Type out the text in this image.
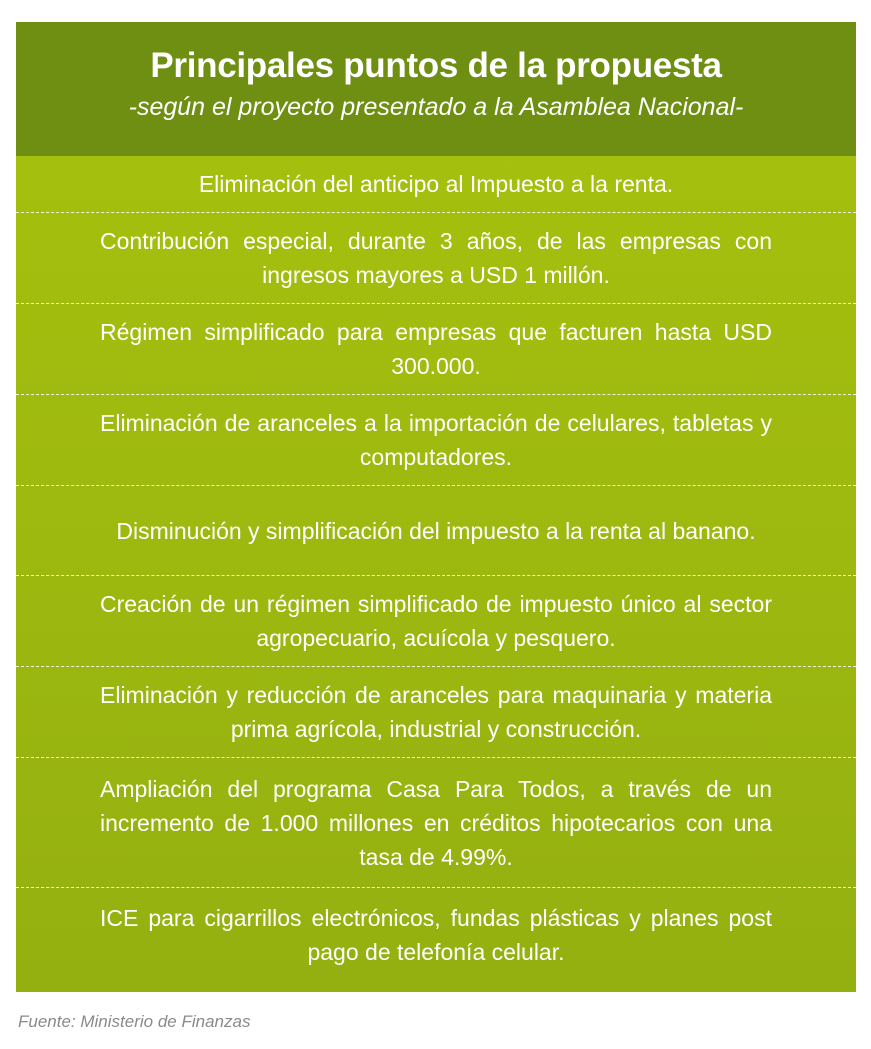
Principales puntos de la propuesta

-según el proyecto presentado a la Asamblea Nacional-

Eliminación del anticipo al Impuesto a la renta.

Contribución especial, durante 3 años, de las empresas con ingresos mayores a USD 1 millón.

Régimen simplificado para empresas que facturen hasta USD 300.000.

Eliminación de aranceles a la importación de celulares, tabletas y computadores.

Disminución y simplificación del impuesto a la renta al banano.

Creación de un régimen simplificado de impuesto único al sector agropecuario, acuícola y pesquero.

Eliminación y reducción de aranceles para maquinaria y materia prima agrícola, industrial y construcción.

Ampliación del programa Casa Para Todos, a través de un incremento de 1.000 millones en créditos hipotecarios con una tasa de 4.99%.

ICE para cigarrillos electrónicos, fundas plásticas y planes post pago de telefonía celular.

Fuente: Ministerio de Finanzas
